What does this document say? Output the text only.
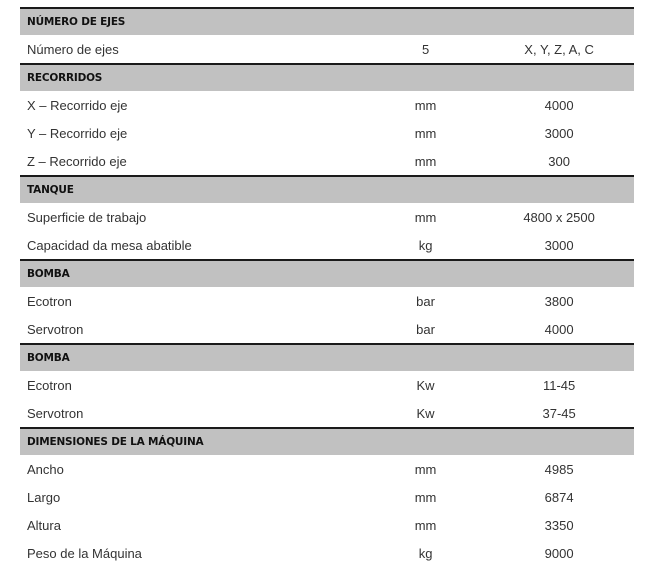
NÚMERO DE EJES		
Número de ejes	5	X, Y, Z, A, C
RECORRIDOS		
X – Recorrido eje	mm	4000
Y – Recorrido eje	mm	3000
Z – Recorrido eje	mm	300
TANQUE		
Superficie de trabajo	mm	4800 x 2500
Capacidad da mesa abatible	kg	3000
BOMBA		
Ecotron	bar	3800
Servotron	bar	4000
BOMBA		
Ecotron	Kw	11-45
Servotron	Kw	37-45
DIMENSIONES DE LA MÁQUINA		
Ancho	mm	4985
Largo	mm	6874
Altura	mm	3350
Peso de la Máquina	kg	9000
